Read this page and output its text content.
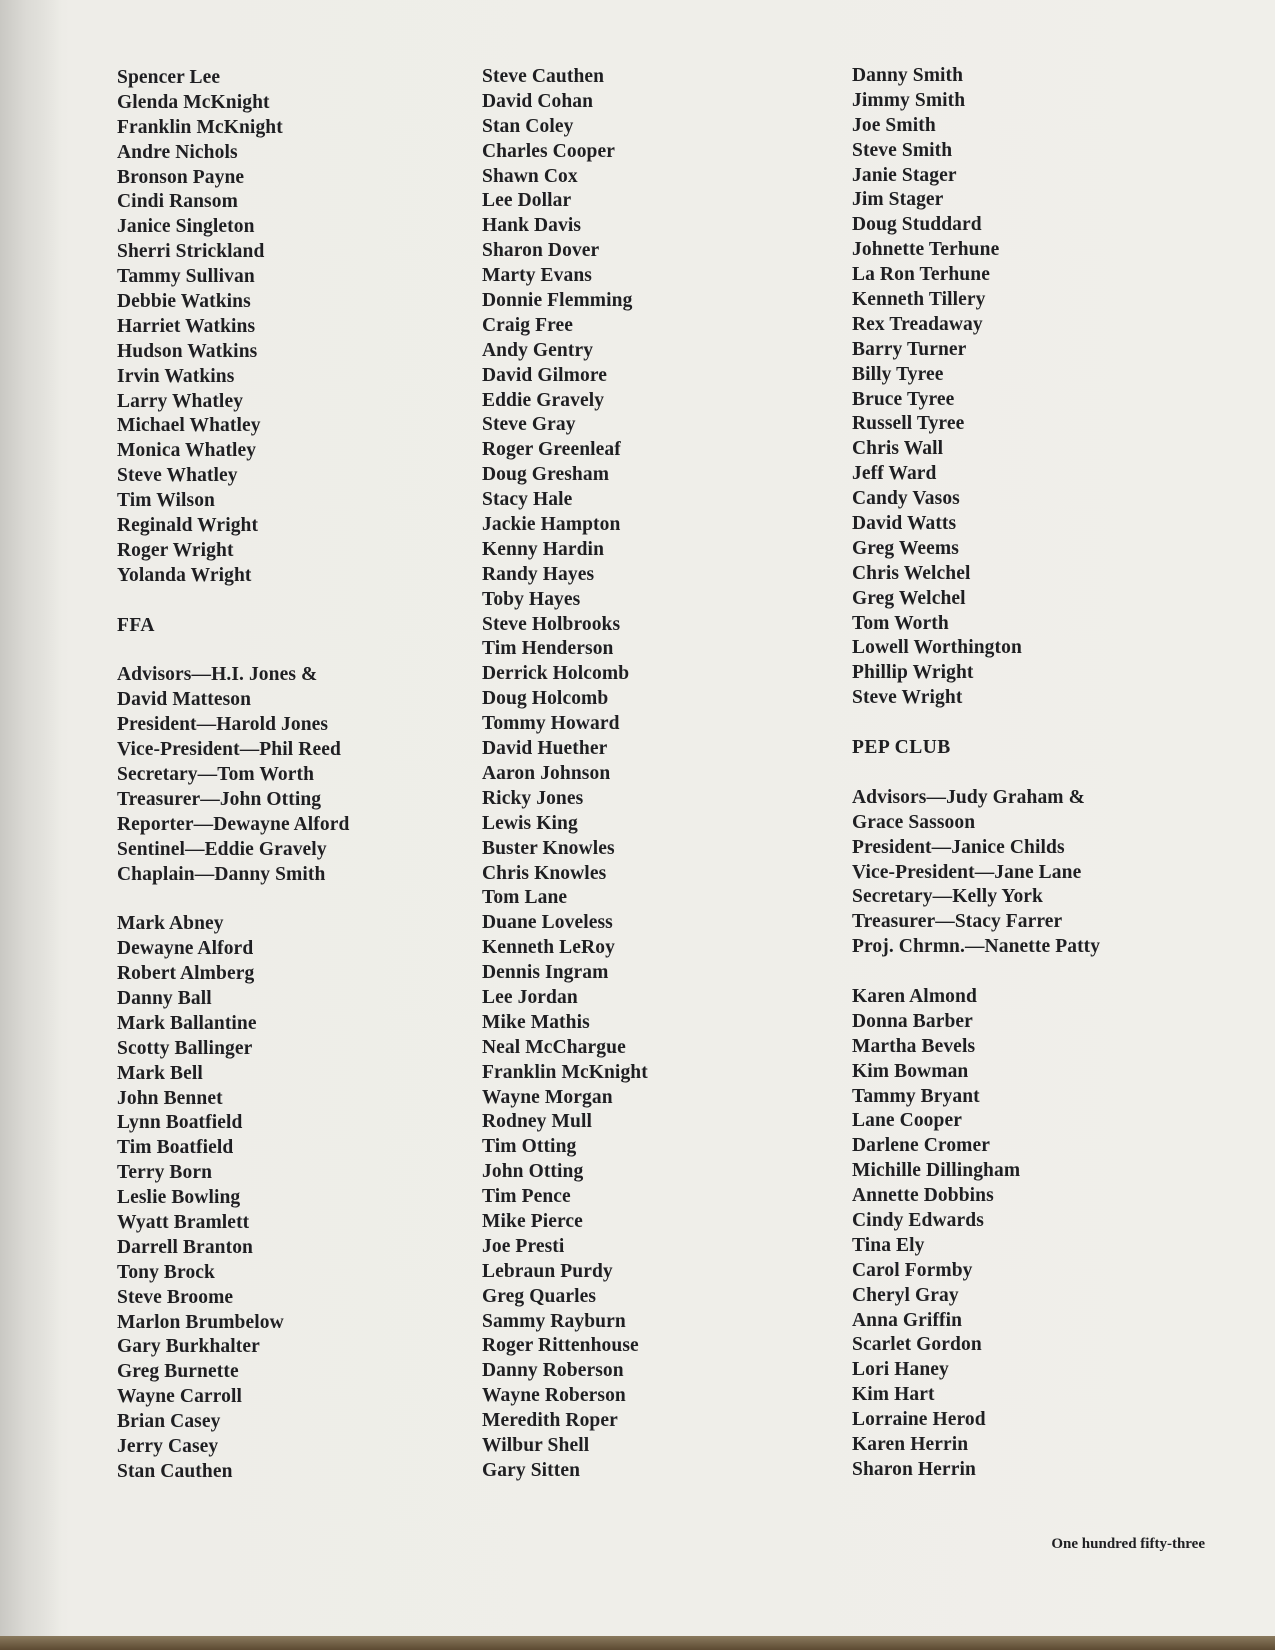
Spencer Lee
Glenda McKnight
Franklin McKnight
Andre Nichols
Bronson Payne
Cindi Ransom
Janice Singleton
Sherri Strickland
Tammy Sullivan
Debbie Watkins
Harriet Watkins
Hudson Watkins
Irvin Watkins
Larry Whatley
Michael Whatley
Monica Whatley
Steve Whatley
Tim Wilson
Reginald Wright
Roger Wright
Yolanda Wright
FFA
Advisors—H.I. Jones &
David Matteson
President—Harold Jones
Vice-President—Phil Reed
Secretary—Tom Worth
Treasurer—John Otting
Reporter—Dewayne Alford
Sentinel—Eddie Gravely
Chaplain—Danny Smith
Mark Abney
Dewayne Alford
Robert Almberg
Danny Ball
Mark Ballantine
Scotty Ballinger
Mark Bell
John Bennet
Lynn Boatfield
Tim Boatfield
Terry Born
Leslie Bowling
Wyatt Bramlett
Darrell Branton
Tony Brock
Steve Broome
Marlon Brumbelow
Gary Burkhalter
Greg Burnette
Wayne Carroll
Brian Casey
Jerry Casey
Stan Cauthen
Steve Cauthen
David Cohan
Stan Coley
Charles Cooper
Shawn Cox
Lee Dollar
Hank Davis
Sharon Dover
Marty Evans
Donnie Flemming
Craig Free
Andy Gentry
David Gilmore
Eddie Gravely
Steve Gray
Roger Greenleaf
Doug Gresham
Stacy Hale
Jackie Hampton
Kenny Hardin
Randy Hayes
Toby Hayes
Steve Holbrooks
Tim Henderson
Derrick Holcomb
Doug Holcomb
Tommy Howard
David Huether
Aaron Johnson
Ricky Jones
Lewis King
Buster Knowles
Chris Knowles
Tom Lane
Duane Loveless
Kenneth LeRoy
Dennis Ingram
Lee Jordan
Mike Mathis
Neal McChargue
Franklin McKnight
Wayne Morgan
Rodney Mull
Tim Otting
John Otting
Tim Pence
Mike Pierce
Joe Presti
Lebraun Purdy
Greg Quarles
Sammy Rayburn
Roger Rittenhouse
Danny Roberson
Wayne Roberson
Meredith Roper
Wilbur Shell
Gary Sitten
Danny Smith
Jimmy Smith
Joe Smith
Steve Smith
Janie Stager
Jim Stager
Doug Studdard
Johnette Terhune
La Ron Terhune
Kenneth Tillery
Rex Treadaway
Barry Turner
Billy Tyree
Bruce Tyree
Russell Tyree
Chris Wall
Jeff Ward
Candy Vasos
David Watts
Greg Weems
Chris Welchel
Greg Welchel
Tom Worth
Lowell Worthington
Phillip Wright
Steve Wright
PEP CLUB
Advisors—Judy Graham &
Grace Sassoon
President—Janice Childs
Vice-President—Jane Lane
Secretary—Kelly York
Treasurer—Stacy Farrer
Proj. Chrmn.—Nanette Patty
Karen Almond
Donna Barber
Martha Bevels
Kim Bowman
Tammy Bryant
Lane Cooper
Darlene Cromer
Michille Dillingham
Annette Dobbins
Cindy Edwards
Tina Ely
Carol Formby
Cheryl Gray
Anna Griffin
Scarlet Gordon
Lori Haney
Kim Hart
Lorraine Herod
Karen Herrin
Sharon Herrin
One hundred fifty-three
